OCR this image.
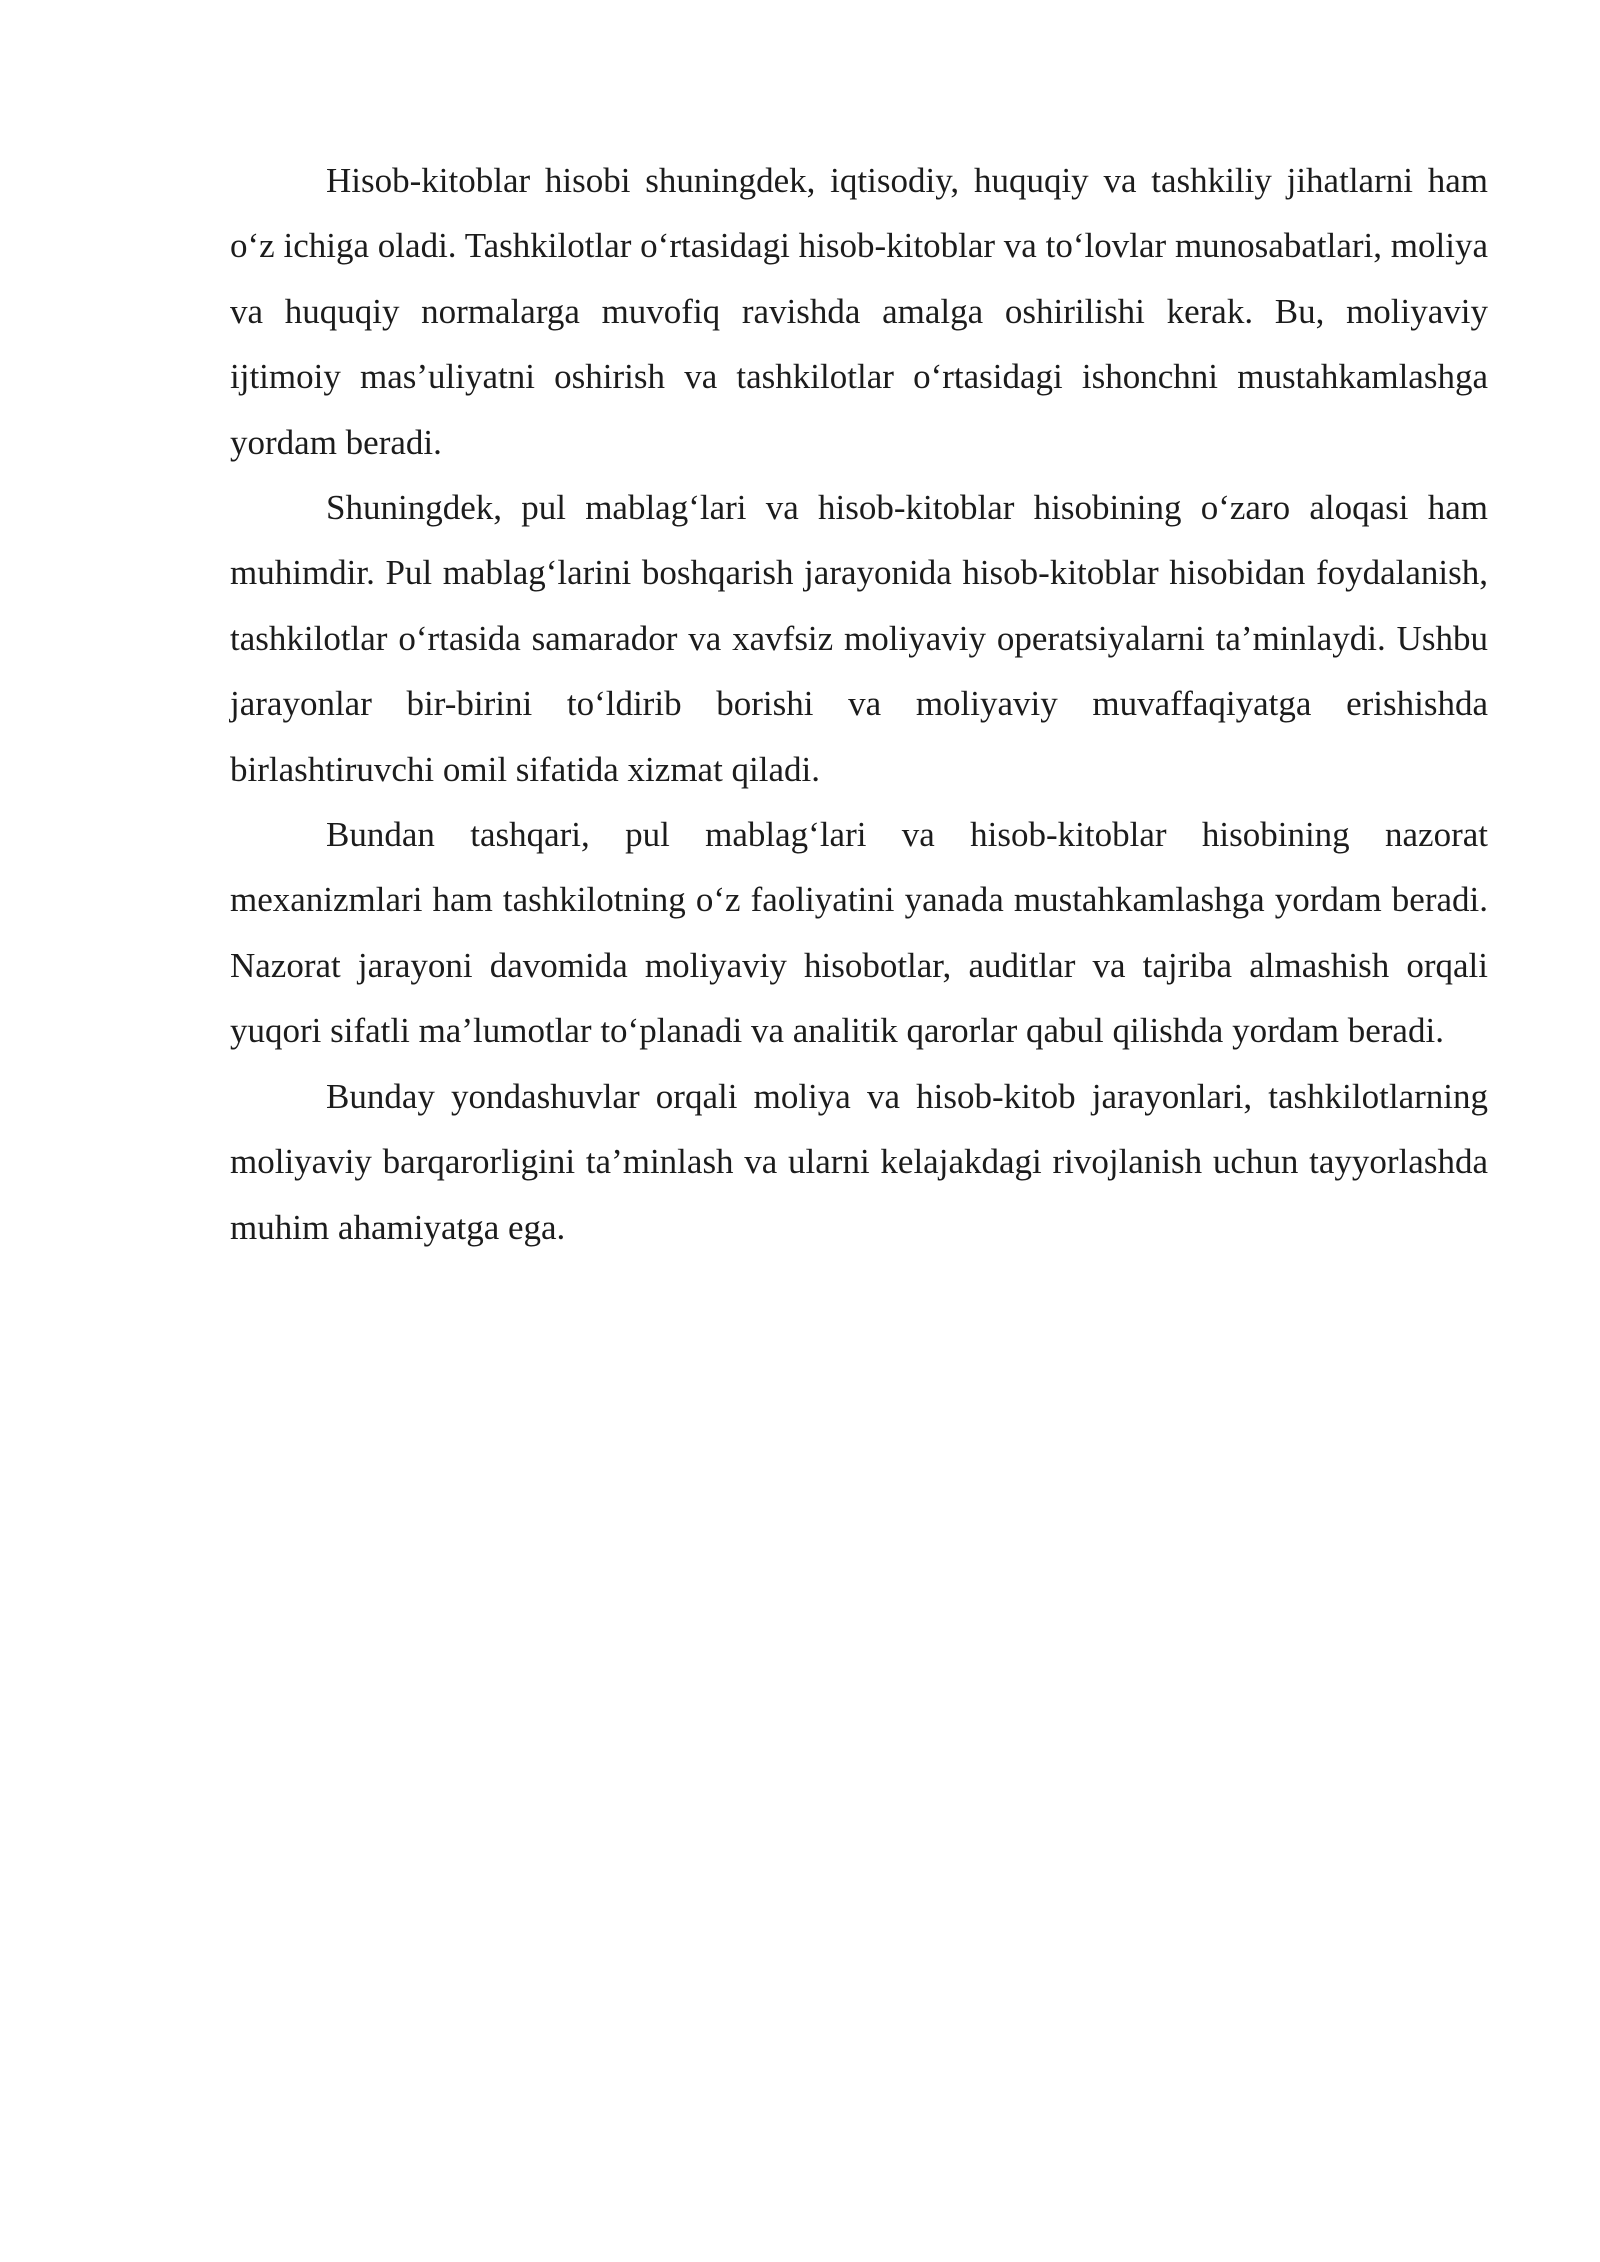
Hisob-kitoblar hisobi shuningdek, iqtisodiy, huquqiy va tashkiliy jihatlarni ham o‘z ichiga oladi. Tashkilotlar o‘rtasidagi hisob-kitoblar va to‘lovlar munosabatlari, moliya va huquqiy normalarga muvofiq ravishda amalga oshirilishi kerak. Bu, moliyaviy ijtimoiy mas’uliyatni oshirish va tashkilotlar o‘rtasidagi ishonchni mustahkamlashga yordam beradi.

Shuningdek, pul mablag‘lari va hisob-kitoblar hisobining o‘zaro aloqasi ham muhimdir. Pul mablag‘larini boshqarish jarayonida hisob-kitoblar hisobidan foydalanish, tashkilotlar o‘rtasida samarador va xavfsiz moliyaviy operatsiyalarni ta’minlaydi. Ushbu jarayonlar bir-birini to‘ldirib borishi va moliyaviy muvaffaqiyatga erishishda birlashtiruvchi omil sifatida xizmat qiladi.

Bundan tashqari, pul mablag‘lari va hisob-kitoblar hisobining nazorat mexanizmlari ham tashkilotning o‘z faoliyatini yanada mustahkamlashga yordam beradi. Nazorat jarayoni davomida moliyaviy hisobotlar, auditlar va tajriba almashish orqali yuqori sifatli ma’lumotlar to‘planadi va analitik qarorlar qabul qilishda yordam beradi.

Bunday yondashuvlar orqali moliya va hisob-kitob jarayonlari, tashkilotlarning moliyaviy barqarorligini ta’minlash va ularni kelajakdagi rivojlanish uchun tayyorlashda muhim ahamiyatga ega.
